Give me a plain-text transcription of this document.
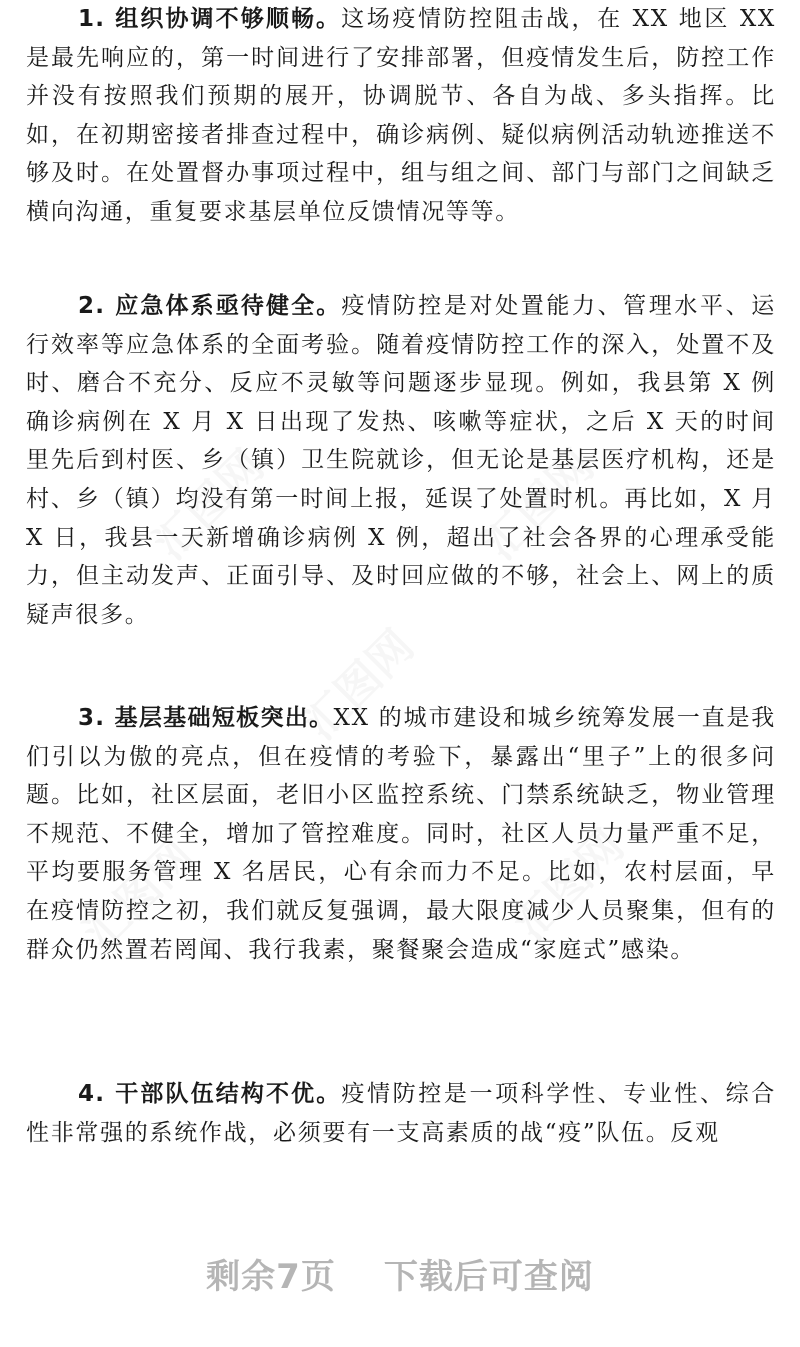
1. 组织协调不够顺畅。这场疫情防控阻击战，在 XX 地区 XX 是最先响应的，第一时间进行了安排部署，但疫情发生后，防控工作并没有按照我们预期的展开，协调脱节、各自为战、多头指挥。比如，在初期密接者排查过程中，确诊病例、疑似病例活动轨迹推送不够及时。在处置督办事项过程中，组与组之间、部门与部门之间缺乏横向沟通，重复要求基层单位反馈情况等等。

2. 应急体系亟待健全。疫情防控是对处置能力、管理水平、运行效率等应急体系的全面考验。随着疫情防控工作的深入，处置不及时、磨合不充分、反应不灵敏等问题逐步显现。例如，我县第 X 例确诊病例在 X 月 X 日出现了发热、咳嗽等症状，之后 X 天的时间里先后到村医、乡（镇）卫生院就诊，但无论是基层医疗机构，还是村、乡（镇）均没有第一时间上报，延误了处置时机。再比如，X 月 X 日，我县一天新增确诊病例 X 例，超出了社会各界的心理承受能力，但主动发声、正面引导、及时回应做的不够，社会上、网上的质疑声很多。

3. 基层基础短板突出。XX 的城市建设和城乡统筹发展一直是我们引以为傲的亮点，但在疫情的考验下，暴露出“里子”上的很多问题。比如，社区层面，老旧小区监控系统、门禁系统缺乏，物业管理不规范、不健全，增加了管控难度。同时，社区人员力量严重不足，平均要服务管理 X 名居民，心有余而力不足。比如，农村层面，早在疫情防控之初，我们就反复强调，最大限度减少人员聚集，但有的群众仍然置若罔闻、我行我素，聚餐聚会造成“家庭式”感染。

4. 干部队伍结构不优。疫情防控是一项科学性、专业性、综合性非常强的系统作战，必须要有一支高素质的战“疫”队伍。反观

剩余7页 下载后可查阅
